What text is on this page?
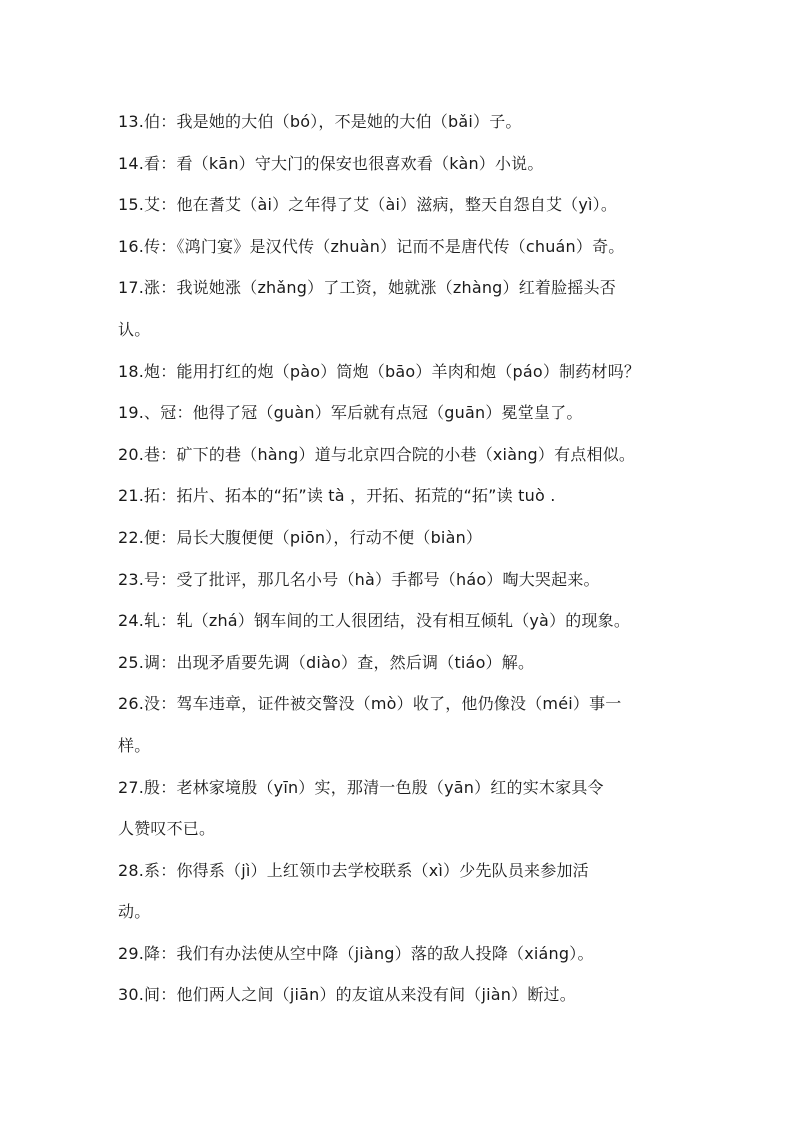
13.伯：我是她的大伯（bó），不是她的大伯（bǎi）子。
14.看：看（kān）守大门的保安也很喜欢看（kàn）小说。
15.艾：他在耆艾（ài）之年得了艾（ài）滋病，整天自怨自艾（yì）。
16.传：《鸿门宴》是汉代传（zhuàn）记而不是唐代传（chuán）奇。
17.涨：我说她涨（zhǎng）了工资，她就涨（zhàng）红着脸摇头否
认。
18.炮：能用打红的炮（pào）筒炮（bāo）羊肉和炮（páo）制药材吗？
19.、冠：他得了冠（guàn）军后就有点冠（guān）冕堂皇了。
20.巷：矿下的巷（hàng）道与北京四合院的小巷（xiàng）有点相似。
21.拓：拓片、拓本的“拓”读 tà ，开拓、拓荒的“拓”读 tuò .
22.便：局长大腹便便（piōn），行动不便（biàn）
23.号：受了批评，那几名小号（hà）手都号（háo）啕大哭起来。
24.轧：轧（zhá）钢车间的工人很团结，没有相互倾轧（yà）的现象。
25.调：出现矛盾要先调（diào）查，然后调（tiáo）解。
26.没：驾车违章，证件被交警没（mò）收了，他仍像没（méi）事一
样。
27.殷：老林家境殷（yīn）实，那清一色殷（yān）红的实木家具令
人赞叹不已。
28.系：你得系（jì）上红领巾去学校联系（xì）少先队员来参加活
动。
29.降：我们有办法使从空中降（jiàng）落的敌人投降（xiáng）。
30.间：他们两人之间（jiān）的友谊从来没有间（jiàn）断过。
